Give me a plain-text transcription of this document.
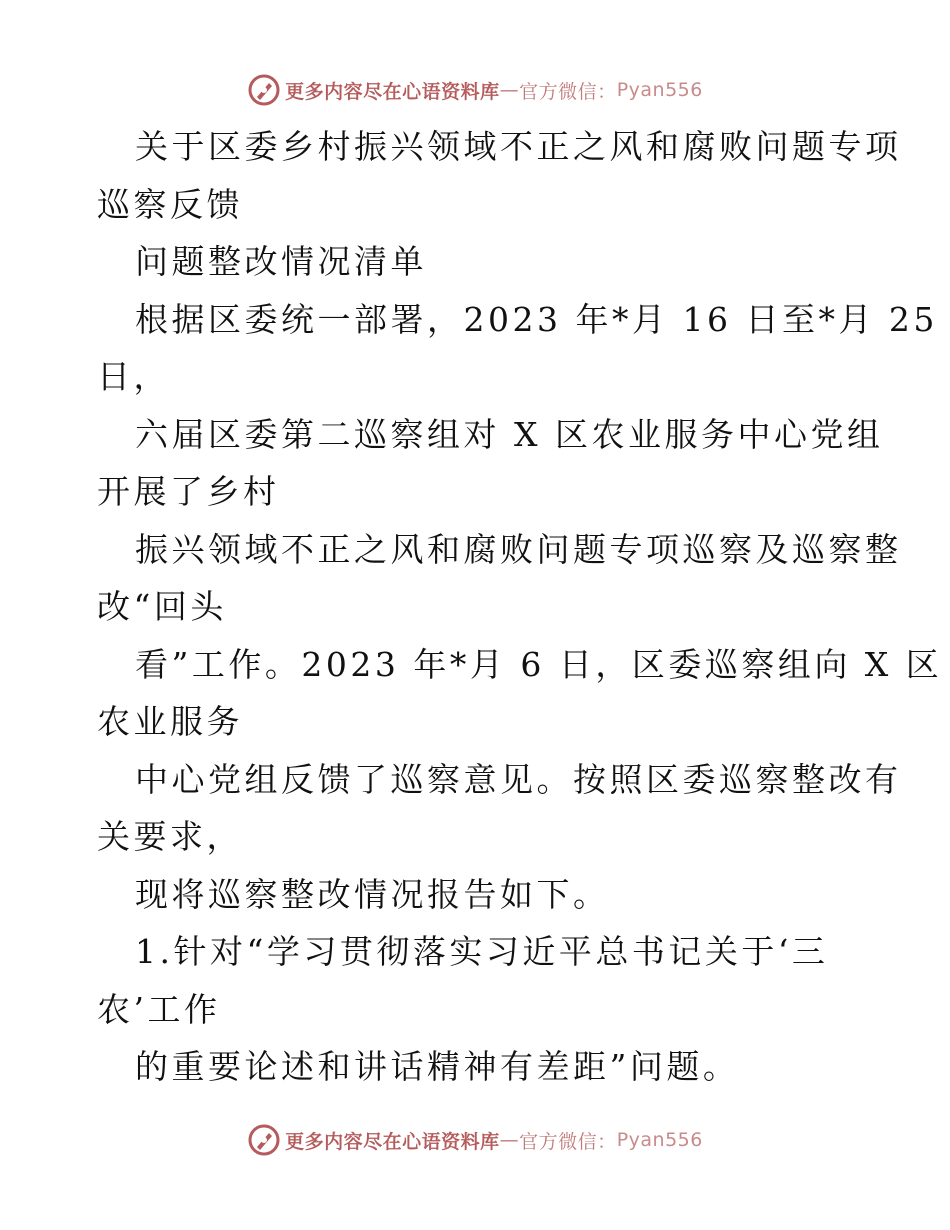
更多内容尽在心语资料库 — 官方微信： Pyan556
关于区委乡村振兴领域不正之风和腐败问题专项
巡察反馈
问题整改情况清单
根据区委统一部署，2023 年*月 16 日至*月 25
日，
六届区委第二巡察组对 X 区农业服务中心党组
开展了乡村
振兴领域不正之风和腐败问题专项巡察及巡察整
改“回头
看”工作。2023 年*月 6 日，区委巡察组向 X 区
农业服务
中心党组反馈了巡察意见。按照区委巡察整改有
关要求，
现将巡察整改情况报告如下。
1.针对“学习贯彻落实习近平总书记关于‘三
农’工作
的重要论述和讲话精神有差距”问题。
更多内容尽在心语资料库 — 官方微信： Pyan556
